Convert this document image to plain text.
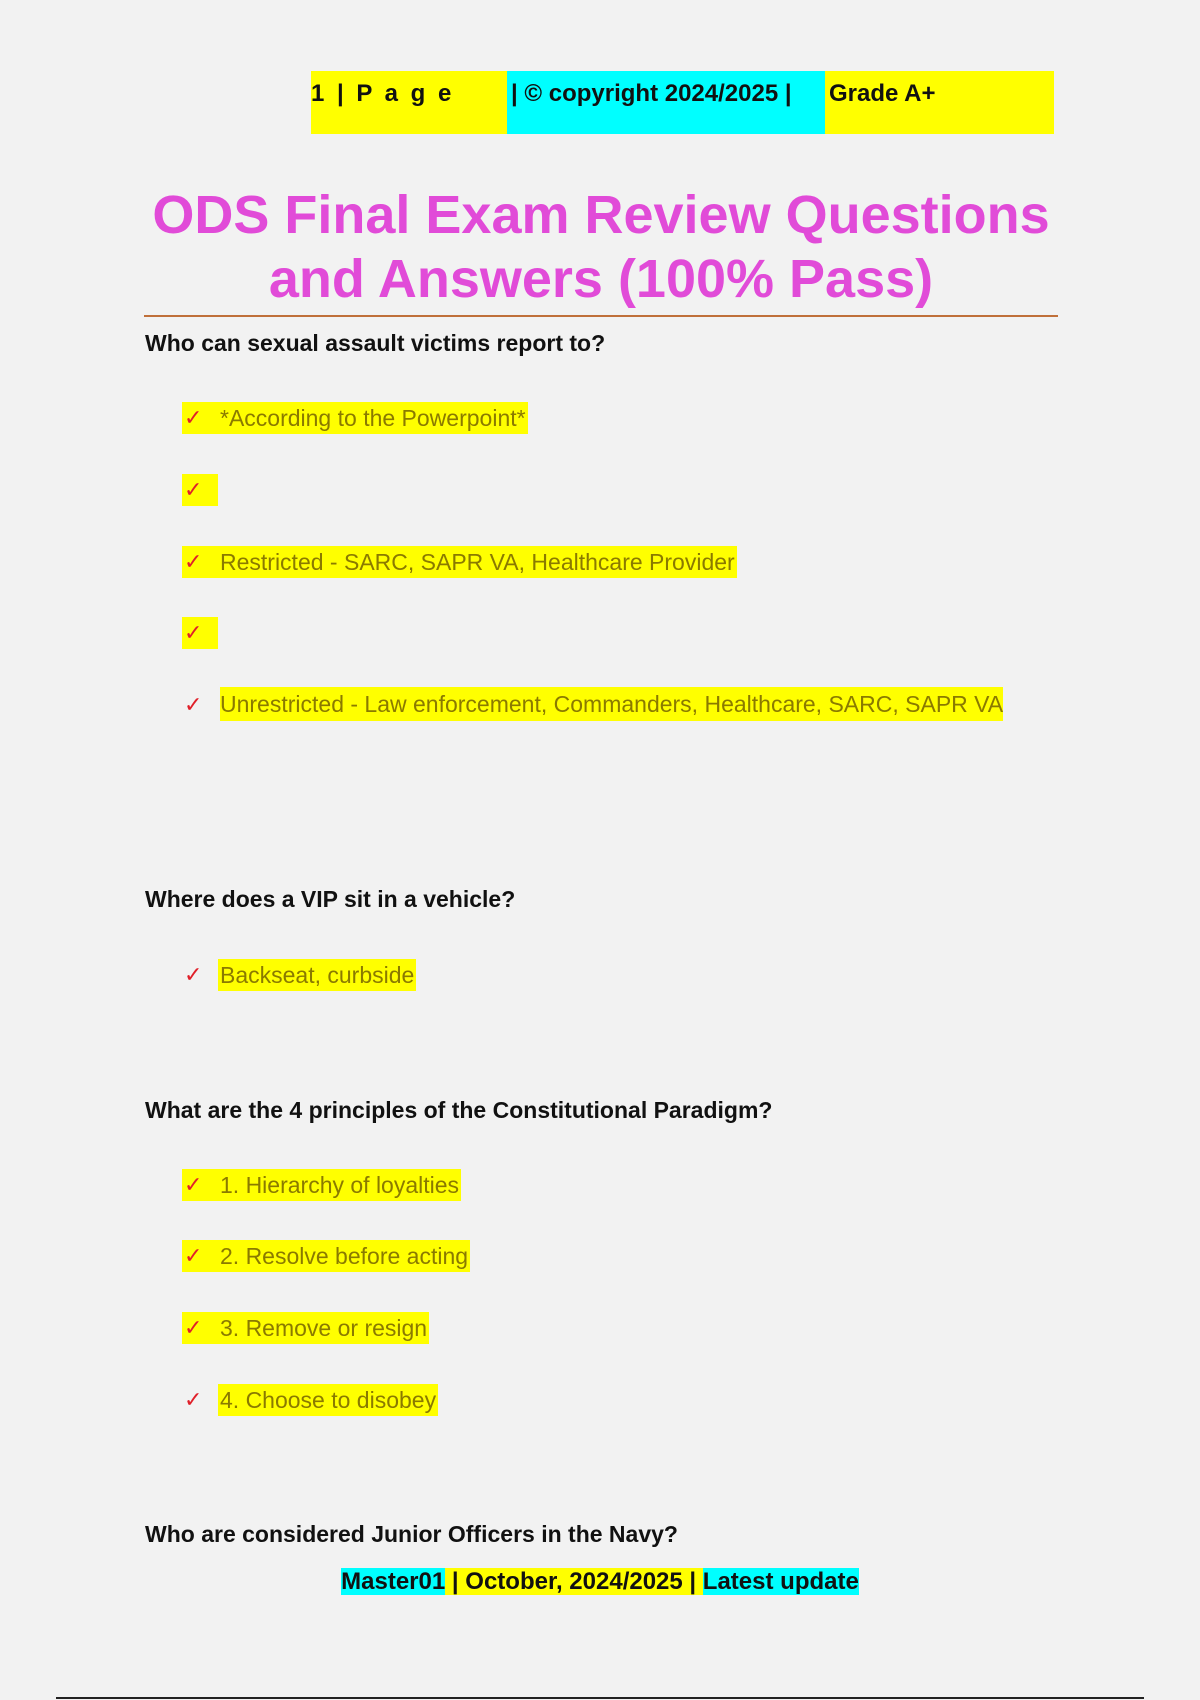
1 | P a g e	| © copyright 2024/2025 |	Grade A+
ODS Final Exam Review Questions and Answers (100% Pass)

Who can sexual assault victims report to?

✓ *According to the Powerpoint*
✓
✓ Restricted - SARC, SAPR VA, Healthcare Provider
✓
✓ Unrestricted - Law enforcement, Commanders, Healthcare, SARC, SAPR VA

Where does a VIP sit in a vehicle?

✓ Backseat, curbside

What are the 4 principles of the Constitutional Paradigm?

✓ 1. Hierarchy of loyalties
✓ 2. Resolve before acting
✓ 3. Remove or resign
✓ 4. Choose to disobey

Who are considered Junior Officers in the Navy?

Master01 | October, 2024/2025 | Latest update
